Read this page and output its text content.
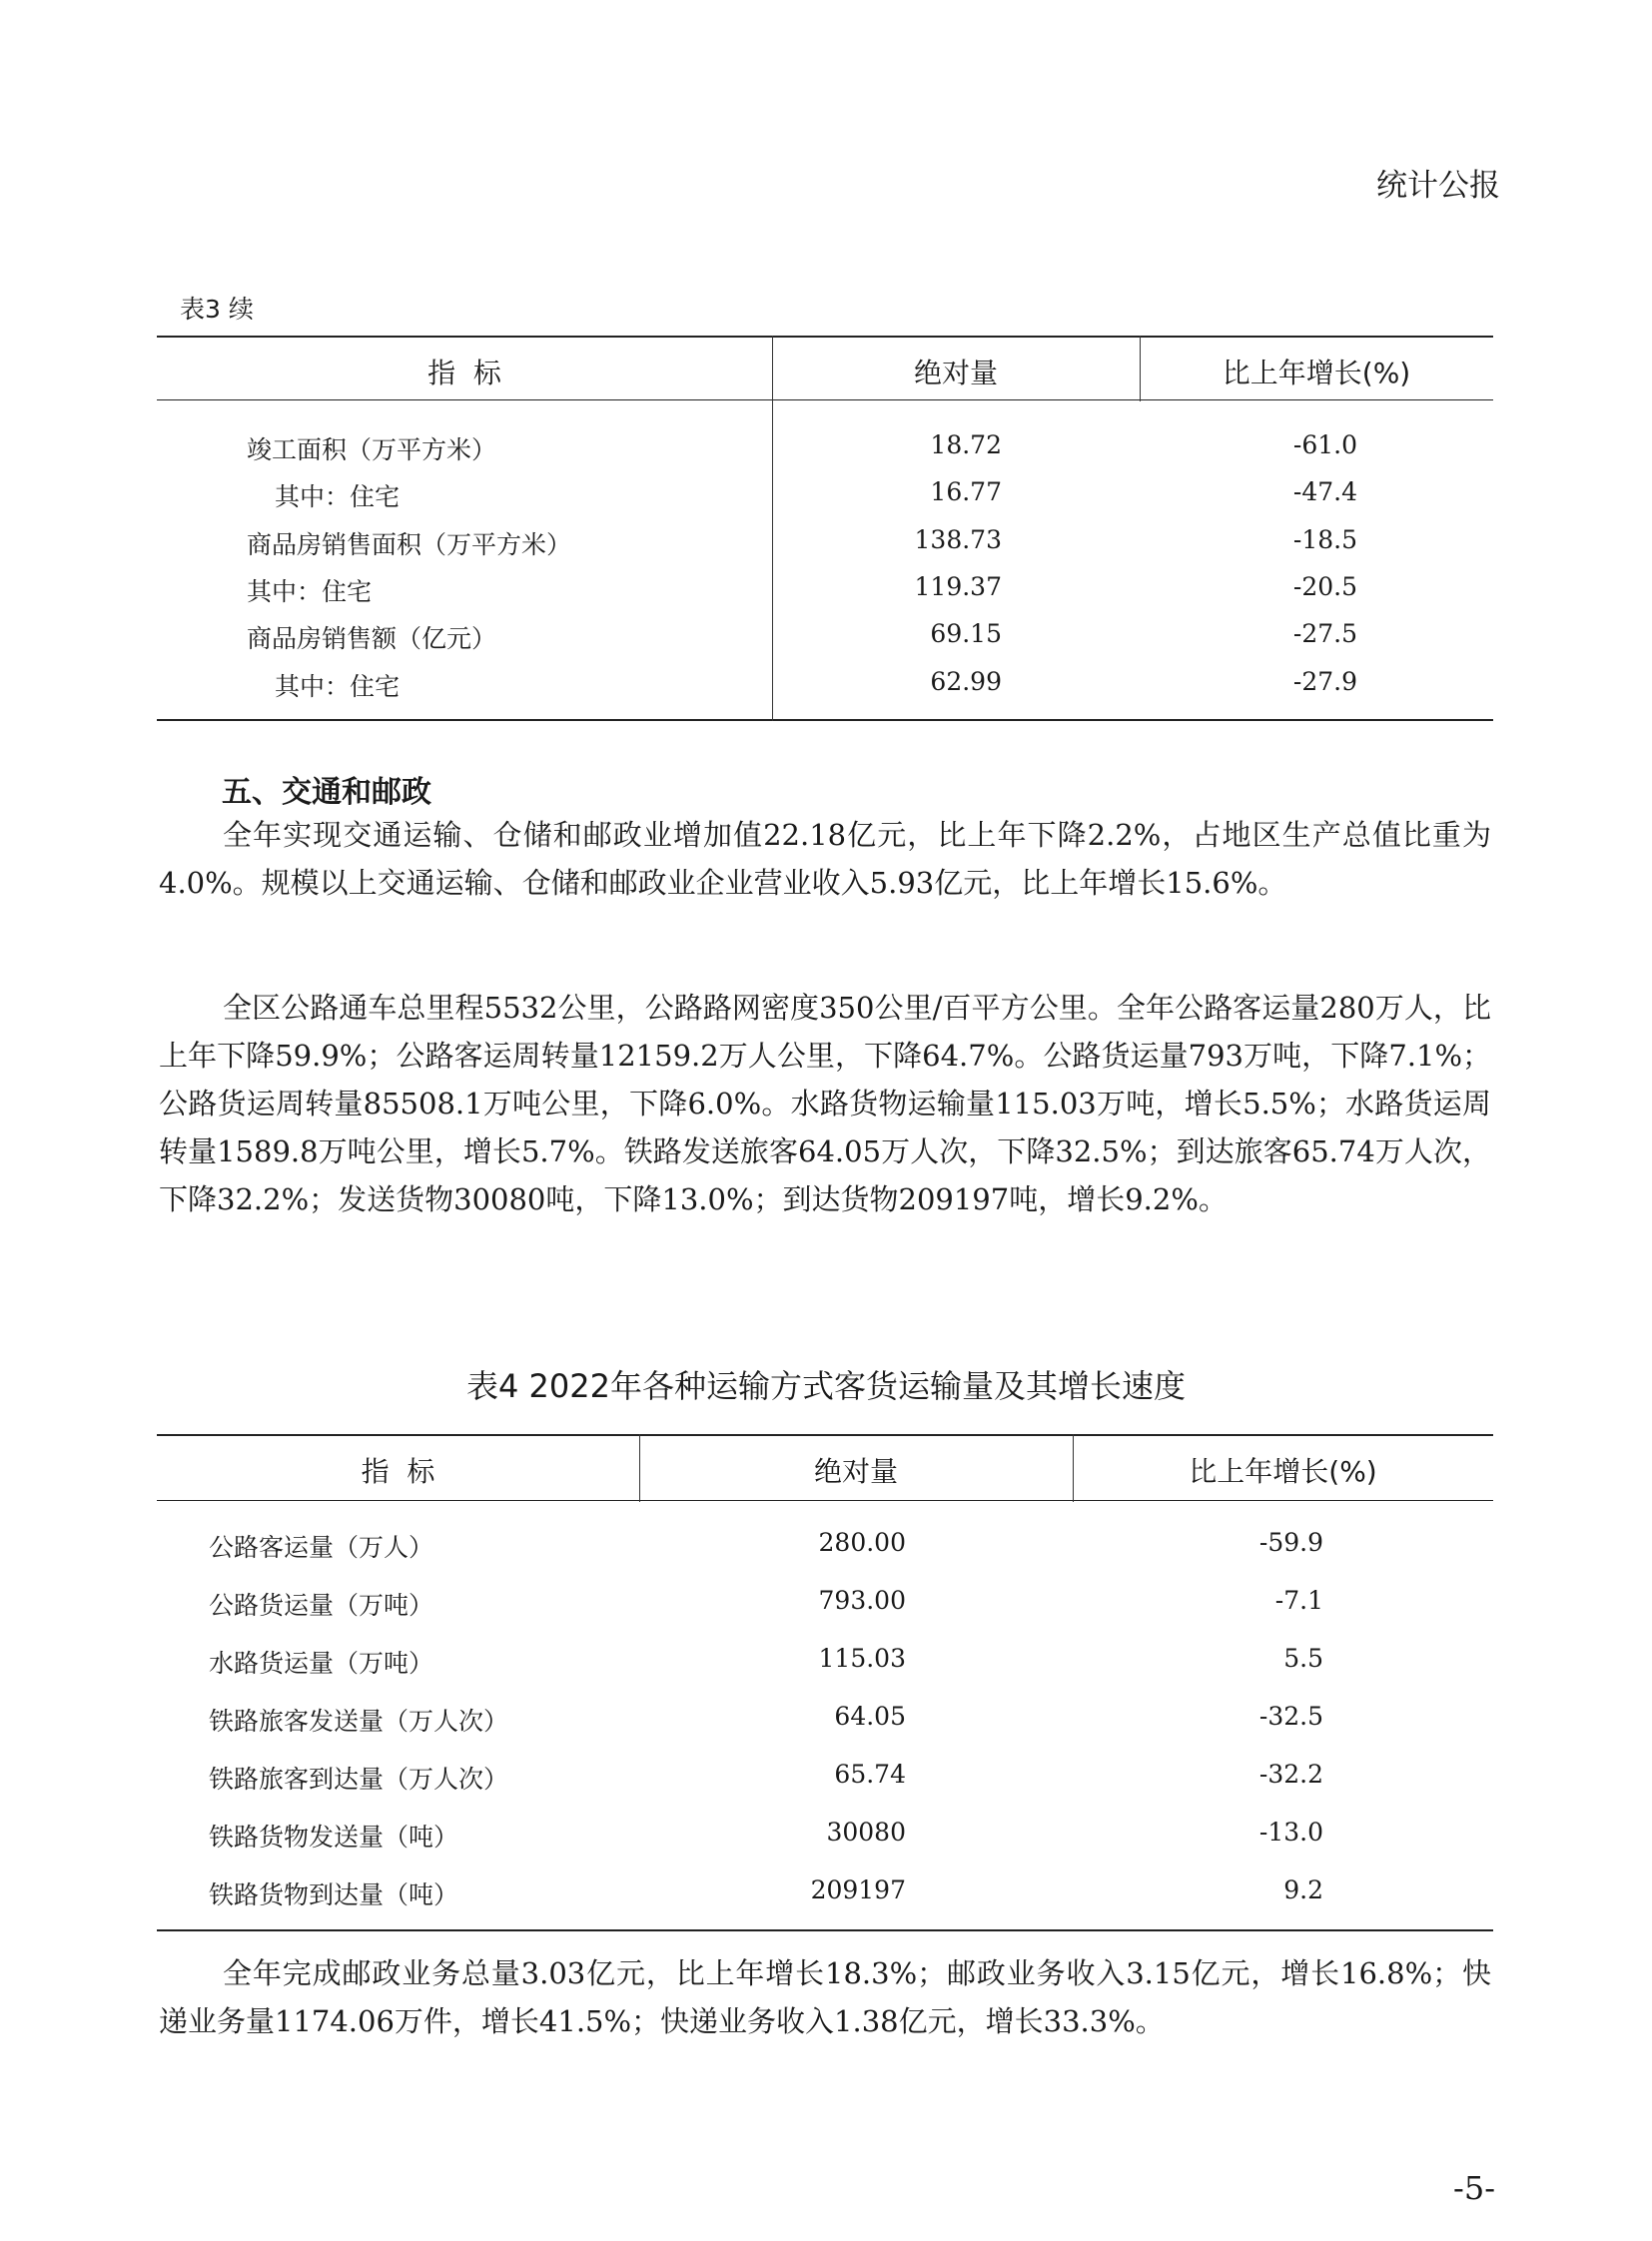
统计公报
表3 续
指  标	绝对量	比上年增长(%)
竣工面积（万平方米）	18.72	-61.0
其中：住宅	16.77	-47.4
商品房销售面积（万平方米）	138.73	-18.5
其中：住宅	119.37	-20.5
商品房销售额（亿元）	69.15	-27.5
其中：住宅	62.99	-27.9
五、交通和邮政
全年实现交通运输、仓储和邮政业增加值22.18亿元，比上年下降2.2%，占地区生产总值比重为4.0%。规模以上交通运输、仓储和邮政业企业营业收入5.93亿元，比上年增长15.6%。
全区公路通车总里程5532公里，公路路网密度350公里/百平方公里。全年公路客运量280万人，比上年下降59.9%；公路客运周转量12159.2万人公里，下降64.7%。公路货运量793万吨，下降7.1%；公路货运周转量85508.1万吨公里，下降6.0%。水路货物运输量115.03万吨，增长5.5%；水路货运周转量1589.8万吨公里，增长5.7%。铁路发送旅客64.05万人次，下降32.5%；到达旅客65.74万人次，下降32.2%；发送货物30080吨，下降13.0%；到达货物209197吨，增长9.2%。
表4 2022年各种运输方式客货运输量及其增长速度
指  标	绝对量	比上年增长(%)
公路客运量（万人）	280.00	-59.9
公路货运量（万吨）	793.00	-7.1
水路货运量（万吨）	115.03	5.5
铁路旅客发送量（万人次）	64.05	-32.5
铁路旅客到达量（万人次）	65.74	-32.2
铁路货物发送量（吨）	30080	-13.0
铁路货物到达量（吨）	209197	9.2
全年完成邮政业务总量3.03亿元，比上年增长18.3%；邮政业务收入3.15亿元，增长16.8%；快递业务量1174.06万件，增长41.5%；快递业务收入1.38亿元，增长33.3%。
-5-
